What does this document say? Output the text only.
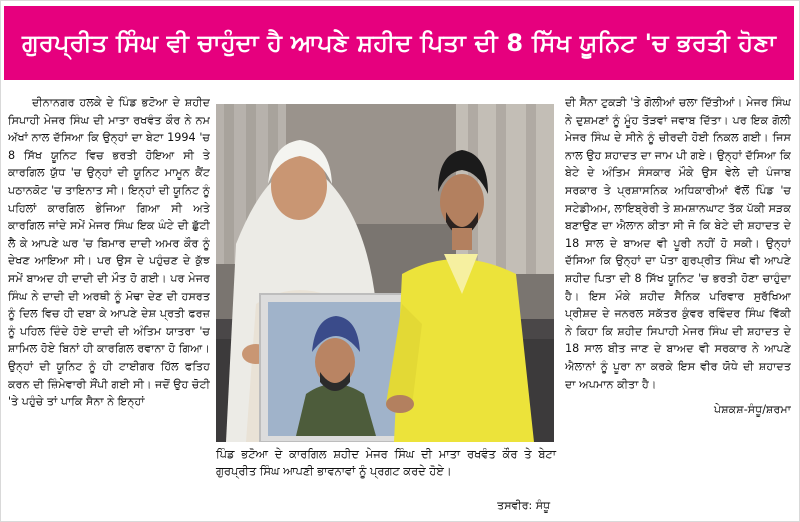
ਗੁਰਪ੍ਰੀਤ ਸਿੰਘ ਵੀ ਚਾਹੁੰਦਾ ਹੈ ਆਪਣੇ ਸ਼ਹੀਦ ਪਿਤਾ ਦੀ 8 ਸਿੱਖ ਯੂਨਿਟ 'ਚ ਭਰਤੀ ਹੋਣਾ

ਦੀਨਾਨਗਰ ਹਲਕੇ ਦੇ ਪਿੰਡ ਭਟੋਆ ਦੇ ਸ਼ਹੀਦ ਸਿਪਾਹੀ ਮੇਜਰ ਸਿੰਘ ਦੀ ਮਾਤਾ ਰਖਵੰਤ ਕੌਰ ਨੇ ਨਮ ਅੱਖਾਂ ਨਾਲ ਦੱਸਿਆ ਕਿ ਉਨ੍ਹਾਂ ਦਾ ਬੇਟਾ 1994 'ਚ 8 ਸਿੱਖ ਯੂਨਿਟ ਵਿਚ ਭਰਤੀ ਹੋਇਆ ਸੀ ਤੇ ਕਾਰਗਿਲ ਯੁੱਧ 'ਚ ਉਨ੍ਹਾਂ ਦੀ ਯੂਨਿਟ ਮਾਮੂਨ ਕੈਂਟ ਪਠਾਨਕੋਟ 'ਚ ਤਾਇਨਾਤ ਸੀ। ਇਨ੍ਹਾਂ ਦੀ ਯੂਨਿਟ ਨੂੰ ਪਹਿਲਾਂ ਕਾਰਗਿਲ ਭੇਜਿਆ ਗਿਆ ਸੀ ਅਤੇ ਕਾਰਗਿਲ ਜਾਂਦੇ ਸਮੇਂ ਮੇਜਰ ਸਿੰਘ ਇਕ ਘੰਟੇ ਦੀ ਛੁੱਟੀ ਲੈ ਕੇ ਆਪਣੇ ਘਰ 'ਚ ਬਿਮਾਰ ਦਾਦੀ ਅਮਰ ਕੌਰ ਨੂੰ ਦੇਖਣ ਆਇਆ ਸੀ। ਪਰ ਉਸ ਦੇ ਪਹੁੰਚਣ ਦੇ ਕੁੱਝ ਸਮੇਂ ਬਾਅਦ ਹੀ ਦਾਦੀ ਦੀ ਮੌਤ ਹੋ ਗਈ। ਪਰ ਮੇਜਰ ਸਿੰਘ ਨੇ ਦਾਦੀ ਦੀ ਅਰਥੀ ਨੂੰ ਮੋਢਾ ਦੇਣ ਦੀ ਹਸਰਤ ਨੂੰ ਦਿਲ ਵਿਚ ਹੀ ਦਬਾ ਕੇ ਆਪਣੇ ਦੇਸ਼ ਪ੍ਰਤੀ ਫਰਜ਼ ਨੂੰ ਪਹਿਲ ਦਿੰਦੇ ਹੋਏ ਦਾਦੀ ਦੀ ਅੰਤਿਮ ਯਾਤਰਾ 'ਚ ਸ਼ਾਮਿਲ ਹੋਏ ਬਿਨਾਂ ਹੀ ਕਾਰਗਿਲ ਰਵਾਨਾ ਹੋ ਗਿਆ। ਉਨ੍ਹਾਂ ਦੀ ਯੂਨਿਟ ਨੂੰ ਹੀ ਟਾਈਗਰ ਹਿੱਲ ਫਤਿਹ ਕਰਨ ਦੀ ਜ਼ਿੰਮੇਵਾਰੀ ਸੌਂਪੀ ਗਈ ਸੀ। ਜਦੋਂ ਉਹ ਚੋਟੀ 'ਤੇ ਪਹੁੰਚੇ ਤਾਂ ਪਾਕਿ ਸੈਨਾ ਨੇ ਇਨ੍ਹਾਂ

ਪਿੰਡ ਭਟੋਆ ਦੇ ਕਾਰਗਿਲ ਸ਼ਹੀਦ ਮੇਜਰ ਸਿੰਘ ਦੀ ਮਾਤਾ ਰਖਵੰਤ ਕੌਰ ਤੇ ਬੇਟਾ ਗੁਰਪ੍ਰੀਤ ਸਿੰਘ ਆਪਣੀ ਭਾਵਨਾਵਾਂ ਨੂੰ ਪ੍ਰਗਟ ਕਰਦੇ ਹੋਏ।

ਤਸਵੀਰ: ਸੰਧੂ

ਦੀ ਸੈਨਾ ਟੁਕੜੀ 'ਤੇ ਗੋਲੀਆਂ ਚਲਾ ਦਿੱਤੀਆਂ। ਮੇਜਰ ਸਿੰਘ ਨੇ ਦੁਸ਼ਮਣਾਂ ਨੂੰ ਮੂੰਹ ਤੋੜਵਾਂ ਜਵਾਬ ਦਿੱਤਾ। ਪਰ ਇਕ ਗੋਲੀ ਮੇਜਰ ਸਿੰਘ ਦੇ ਸੀਨੇ ਨੂੰ ਚੀਰਦੀ ਹੋਈ ਨਿਕਲ ਗਈ। ਜਿਸ ਨਾਲ ਉਹ ਸ਼ਹਾਦਤ ਦਾ ਜਾਮ ਪੀ ਗਏ। ਉਨ੍ਹਾਂ ਦੱਸਿਆ ਕਿ ਬੇਟੇ ਦੇ ਅੰਤਿਮ ਸੰਸਕਾਰ ਮੌਕੇ ਉਸ ਵੇਲੇ ਦੀ ਪੰਜਾਬ ਸਰਕਾਰ ਤੇ ਪ੍ਰਸ਼ਾਸਨਿਕ ਅਧਿਕਾਰੀਆਂ ਵੱਲੋਂ ਪਿੰਡ 'ਚ ਸਟੇਡੀਅਮ, ਲਾਇਬ੍ਰੇਰੀ ਤੇ ਸ਼ਮਸ਼ਾਨਘਾਟ ਤੱਕ ਪੱਕੀ ਸੜਕ ਬਣਾਉਣ ਦਾ ਐਲਾਨ ਕੀਤਾ ਸੀ ਜੋ ਕਿ ਬੇਟੇ ਦੀ ਸ਼ਹਾਦਤ ਦੇ 18 ਸਾਲ ਦੇ ਬਾਅਦ ਵੀ ਪੂਰੀ ਨਹੀਂ ਹੋ ਸਕੀ। ਉਨ੍ਹਾਂ ਦੱਸਿਆ ਕਿ ਉਨ੍ਹਾਂ ਦਾ ਪੋਤਾ ਗੁਰਪ੍ਰੀਤ ਸਿੰਘ ਵੀ ਆਪਣੇ ਸ਼ਹੀਦ ਪਿਤਾ ਦੀ 8 ਸਿੱਖ ਯੂਨਿਟ 'ਚ ਭਰਤੀ ਹੋਣਾ ਚਾਹੁੰਦਾ ਹੈ। ਇਸ ਮੌਕੇ ਸ਼ਹੀਦ ਸੈਨਿਕ ਪਰਿਵਾਰ ਸੁਰੱਖਿਆ ਪ੍ਰੀਸ਼ਦ ਦੇ ਜਨਰਲ ਸਕੱਤਰ ਕੁੰਵਰ ਰਵਿੰਦਰ ਸਿੰਘ ਵਿੱਕੀ ਨੇ ਕਿਹਾ ਕਿ ਸ਼ਹੀਦ ਸਿਪਾਹੀ ਮੇਜਰ ਸਿੰਘ ਦੀ ਸ਼ਹਾਦਤ ਦੇ 18 ਸਾਲ ਬੀਤ ਜਾਣ ਦੇ ਬਾਅਦ ਵੀ ਸਰਕਾਰ ਨੇ ਆਪਣੇ ਐਲਾਨਾਂ ਨੂੰ ਪੂਰਾ ਨਾ ਕਰਕੇ ਇਸ ਵੀਰ ਯੋਧੇ ਦੀ ਸ਼ਹਾਦਤ ਦਾ ਅਪਮਾਨ ਕੀਤਾ ਹੈ।

ਪੇਸ਼ਕਸ਼-ਸੰਧੂ/ਸ਼ਰਮਾ
